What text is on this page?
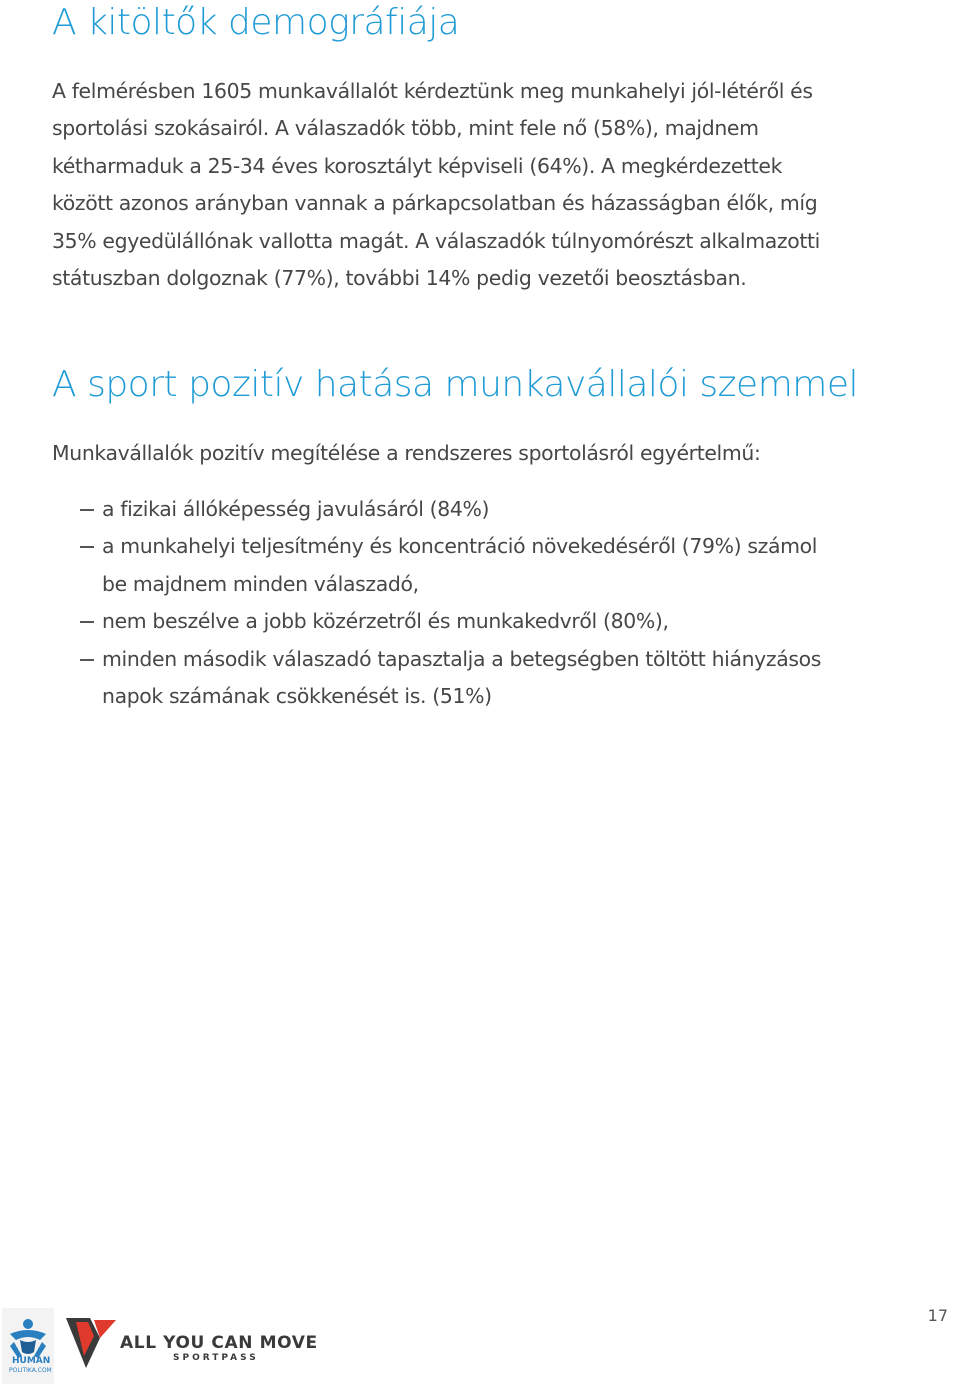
A kitöltők demográfiája

A felmérésben 1605 munkavállalót kérdeztünk meg munkahelyi jól-létéről és
sportolási szokásairól. A válaszadók több, mint fele nő (58%), majdnem
kétharmaduk a 25-34 éves korosztályt képviseli (64%). A megkérdezettek
között azonos arányban vannak a párkapcsolatban és házasságban élők, míg
35% egyedülállónak vallotta magát. A válaszadók túlnyomórészt alkalmazotti
státuszban dolgoznak (77%), további 14% pedig vezetői beosztásban.

A sport pozitív hatása munkavállalói szemmel

Munkavállalók pozitív megítélése a rendszeres sportolásról egyértelmű:

a fizikai állóképesség javulásáról (84%)
a munkahelyi teljesítmény és koncentráció növekedéséről (79%) számol
be majdnem minden válaszadó,
nem beszélve a jobb közérzetről és munkakedvről (80%),
minden második válaszadó tapasztalja a betegségben töltött hiányzásos
napok számának csökkenését is. (51%)
HUMÁN
POLITIKA.COM
ALL YOU CAN MOVE
SPORTPASS
17
